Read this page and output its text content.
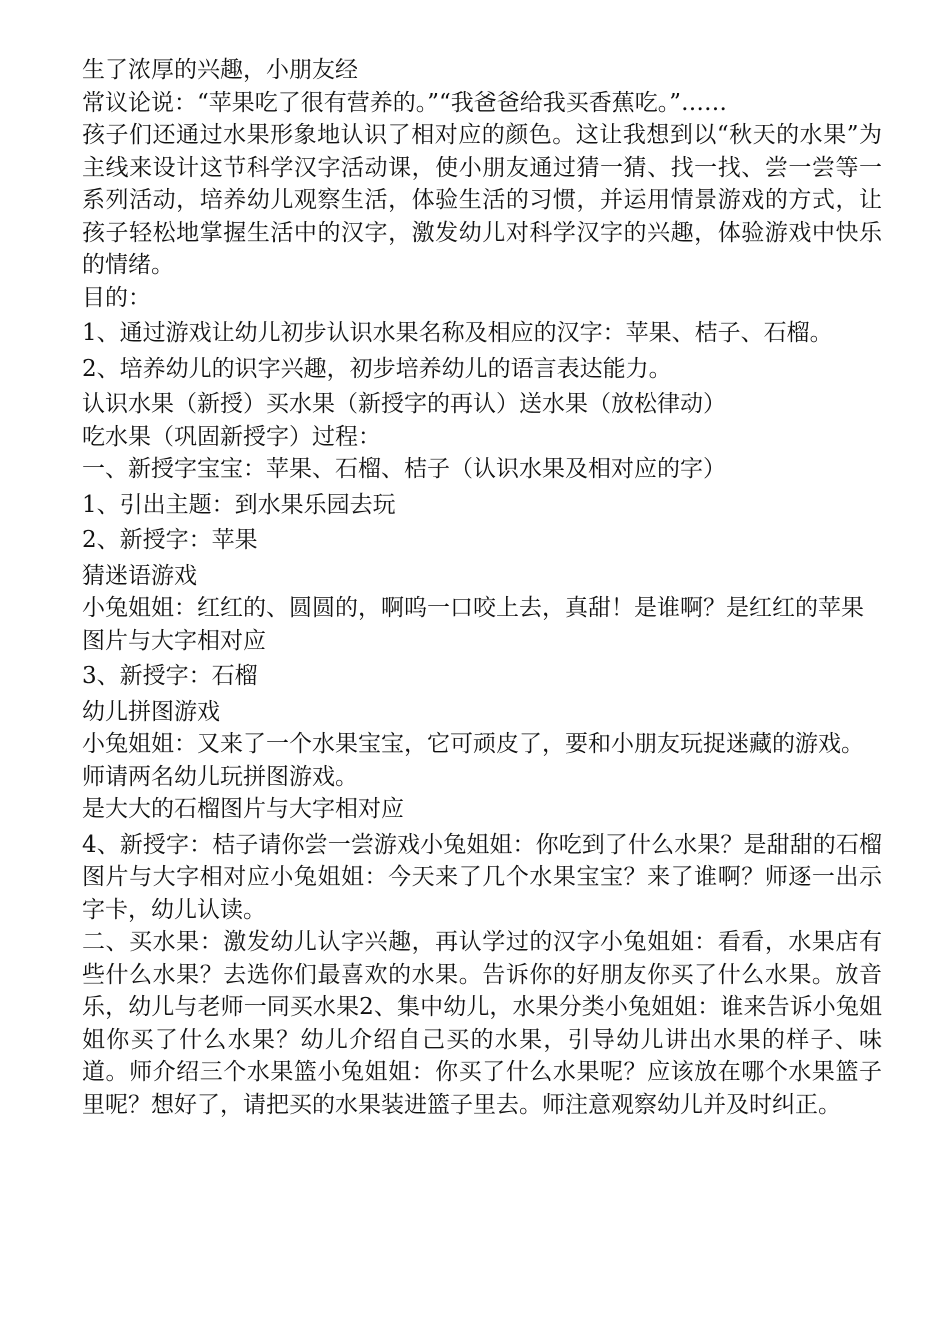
生了浓厚的兴趣，小朋友经

常议论说：“苹果吃了很有营养的。”“我爸爸给我买香蕉吃。”……

孩子们还通过水果形象地认识了相对应的颜色。这让我想到以“秋天的水果”为主线来设计这节科学汉字活动课，使小朋友通过猜一猜、找一找、尝一尝等一系列活动，培养幼儿观察生活，体验生活的习惯，并运用情景游戏的方式，让孩子轻松地掌握生活中的汉字，激发幼儿对科学汉字的兴趣，体验游戏中快乐的情绪。

目的：

1、通过游戏让幼儿初步认识水果名称及相应的汉字：苹果、桔子、石榴。

2、培养幼儿的识字兴趣，初步培养幼儿的语言表达能力。

认识水果（新授）买水果（新授字的再认）送水果（放松律动）

吃水果（巩固新授字）过程：

一、新授字宝宝：苹果、石榴、桔子（认识水果及相对应的字）

1、引出主题：到水果乐园去玩

2、新授字：苹果

猜迷语游戏

小兔姐姐：红红的、圆圆的，啊呜一口咬上去，真甜！是谁啊？是红红的苹果

图片与大字相对应

3、新授字：石榴

幼儿拼图游戏

小兔姐姐：又来了一个水果宝宝，它可顽皮了，要和小朋友玩捉迷藏的游戏。

师请两名幼儿玩拼图游戏。

是大大的石榴图片与大字相对应

4、新授字：桔子请你尝一尝游戏小兔姐姐：你吃到了什么水果？是甜甜的石榴图片与大字相对应小兔姐姐：今天来了几个水果宝宝？来了谁啊？师逐一出示字卡，幼儿认读。

二、买水果：激发幼儿认字兴趣，再认学过的汉字小兔姐姐：看看，水果店有些什么水果？去选你们最喜欢的水果。告诉你的好朋友你买了什么水果。放音乐，幼儿与老师一同买水果2、集中幼儿，水果分类小兔姐姐：谁来告诉小兔姐姐你买了什么水果？幼儿介绍自己买的水果，引导幼儿讲出水果的样子、味道。师介绍三个水果篮小兔姐姐：你买了什么水果呢？应该放在哪个水果篮子里呢？想好了，请把买的水果装进篮子里去。师注意观察幼儿并及时纠正。
